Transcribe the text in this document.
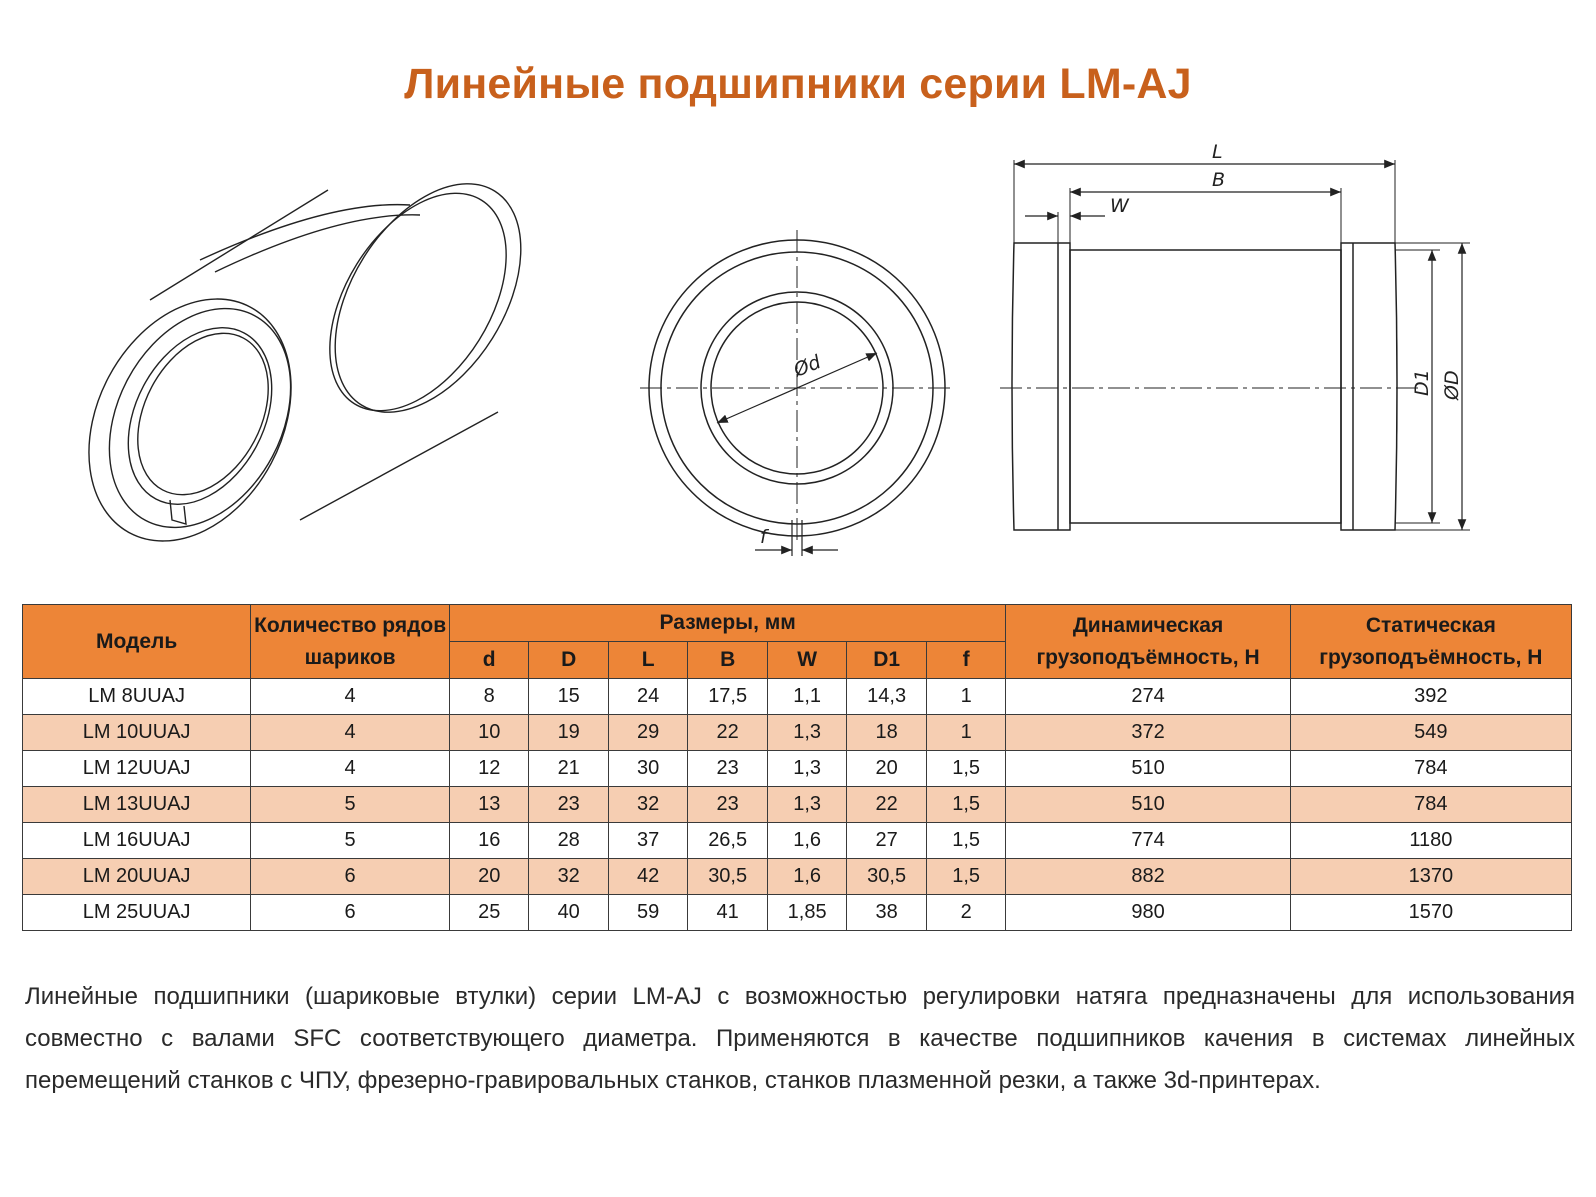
Линейные подшипники серии LM-AJ
Ød
f
L
B
W
D1 ØD
Модель	Количество рядов шариков	Размеры, мм							Динамическая грузоподъёмность, Н	Статическая грузоподъёмность, Н
		d	D	L	B	W	D1	f		
LM 8UUAJ	4	8	15	24	17,5	1,1	14,3	1	274	392
LM 10UUAJ	4	10	19	29	22	1,3	18	1	372	549
LM 12UUAJ	4	12	21	30	23	1,3	20	1,5	510	784
LM 13UUAJ	5	13	23	32	23	1,3	22	1,5	510	784
LM 16UUAJ	5	16	28	37	26,5	1,6	27	1,5	774	1180
LM 20UUAJ	6	20	32	42	30,5	1,6	30,5	1,5	882	1370
LM 25UUAJ	6	25	40	59	41	1,85	38	2	980	1570
Линейные подшипники (шариковые втулки) серии LM-AJ с возможностью регулировки натяга предназначены для использования совместно с валами SFC соответствующего диаметра. Применяются в качестве подшипников качения в системах линейных перемещений станков с ЧПУ, фрезерно-гравировальных станков, станков плазменной резки, а также 3d-принтерах.
